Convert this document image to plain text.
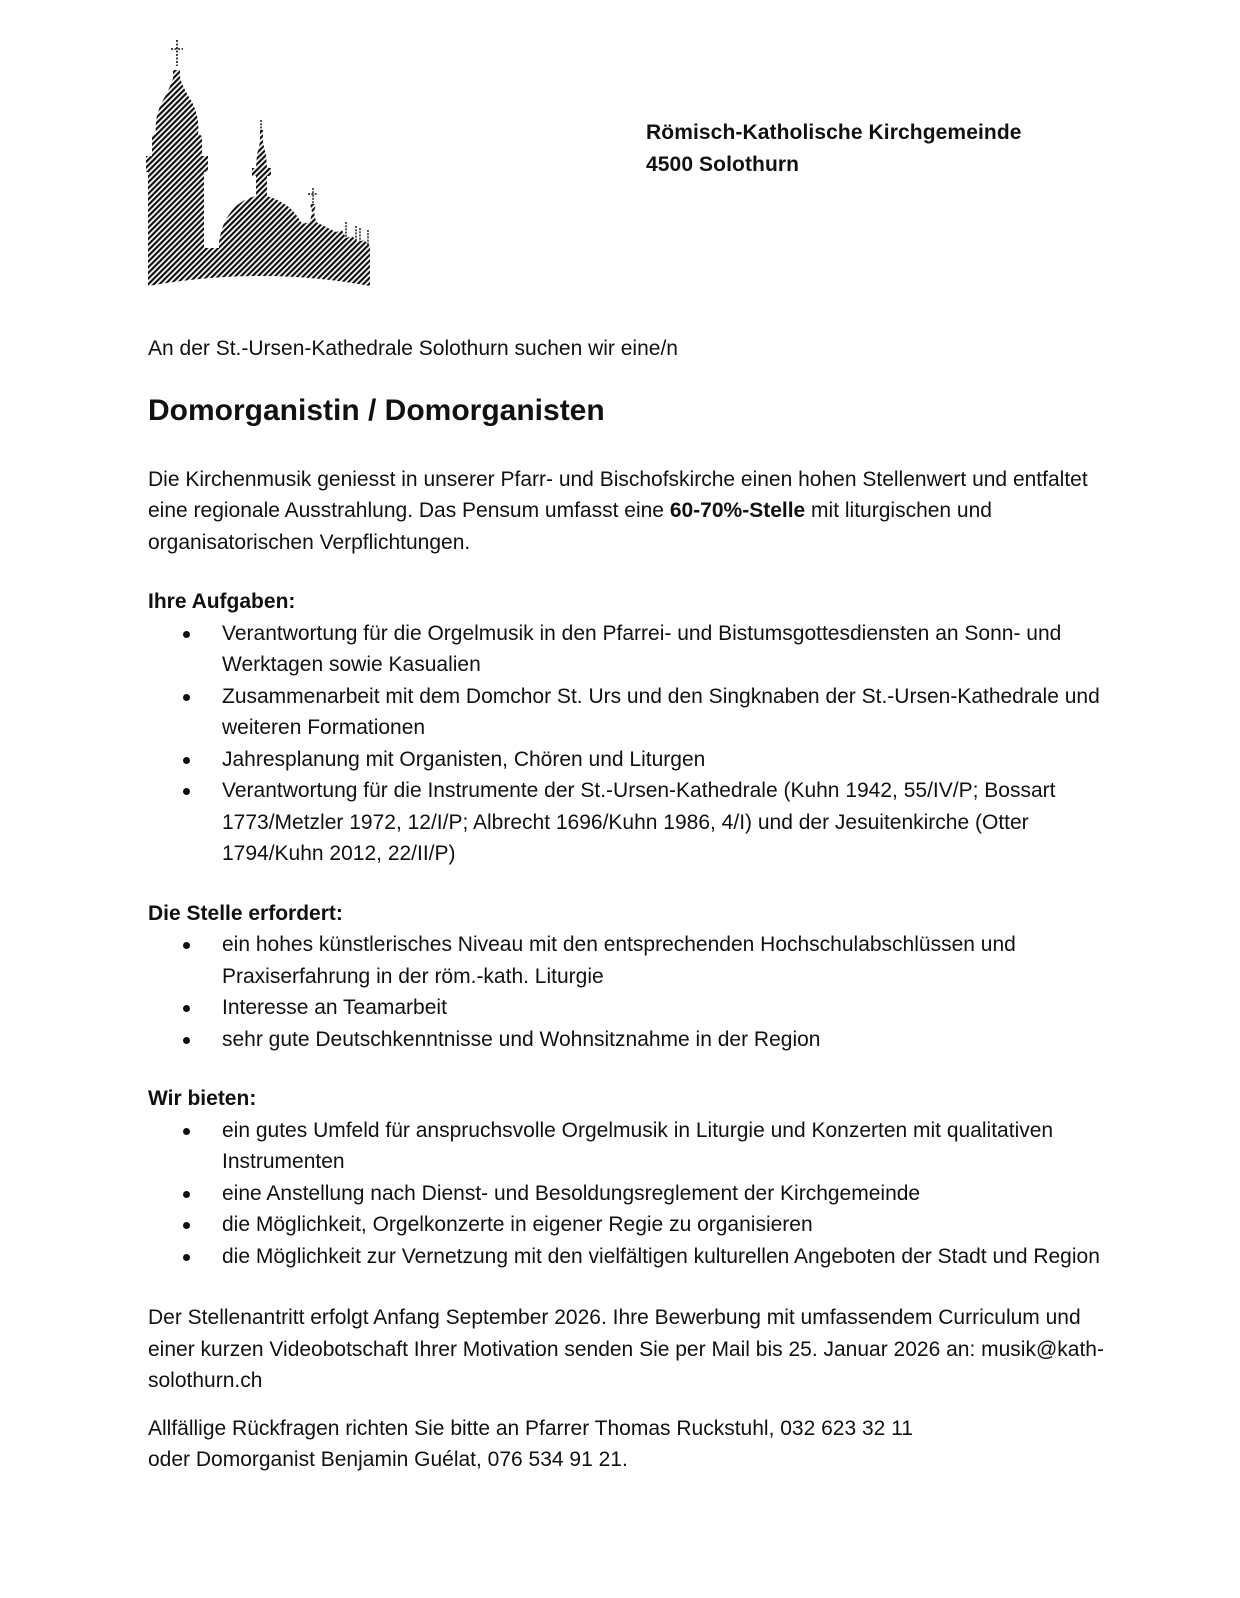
Römisch-Katholische Kirchgemeinde
4500 Solothurn

An der St.-Ursen-Kathedrale Solothurn suchen wir eine/n

Domorganistin / Domorganisten

Die Kirchenmusik geniesst in unserer Pfarr- und Bischofskirche einen hohen Stellenwert und entfaltet eine regionale Ausstrahlung. Das Pensum umfasst eine 60-70%-Stelle mit liturgischen und organisatorischen Verpflichtungen.

Ihre Aufgaben:
Verantwortung für die Orgelmusik in den Pfarrei- und Bistumsgottesdiensten an Sonn- und Werktagen sowie Kasualien
Zusammenarbeit mit dem Domchor St. Urs und den Singknaben der St.-Ursen-Kathedrale und weiteren Formationen
Jahresplanung mit Organisten, Chören und Liturgen
Verantwortung für die Instrumente der St.-Ursen-Kathedrale (Kuhn 1942, 55/IV/P; Bossart 1773/Metzler 1972, 12/I/P; Albrecht 1696/Kuhn 1986, 4/I) und der Jesuitenkirche (Otter 1794/Kuhn 2012, 22/II/P)
Die Stelle erfordert:
ein hohes künstlerisches Niveau mit den entsprechenden Hochschulabschlüssen und Praxiserfahrung in der röm.-kath. Liturgie
Interesse an Teamarbeit
sehr gute Deutschkenntnisse und Wohnsitznahme in der Region
Wir bieten:
ein gutes Umfeld für anspruchsvolle Orgelmusik in Liturgie und Konzerten mit qualitativen Instrumenten
eine Anstellung nach Dienst- und Besoldungsreglement der Kirchgemeinde
die Möglichkeit, Orgelkonzerte in eigener Regie zu organisieren
die Möglichkeit zur Vernetzung mit den vielfältigen kulturellen Angeboten der Stadt und Region

Der Stellenantritt erfolgt Anfang September 2026. Ihre Bewerbung mit umfassendem Curriculum und einer kurzen Videobotschaft Ihrer Motivation senden Sie per Mail bis 25. Januar 2026 an: musik@kath-solothurn.ch

Allfällige Rückfragen richten Sie bitte an Pfarrer Thomas Ruckstuhl, 032 623 32 11
oder Domorganist Benjamin Guélat, 076 534 91 21.
